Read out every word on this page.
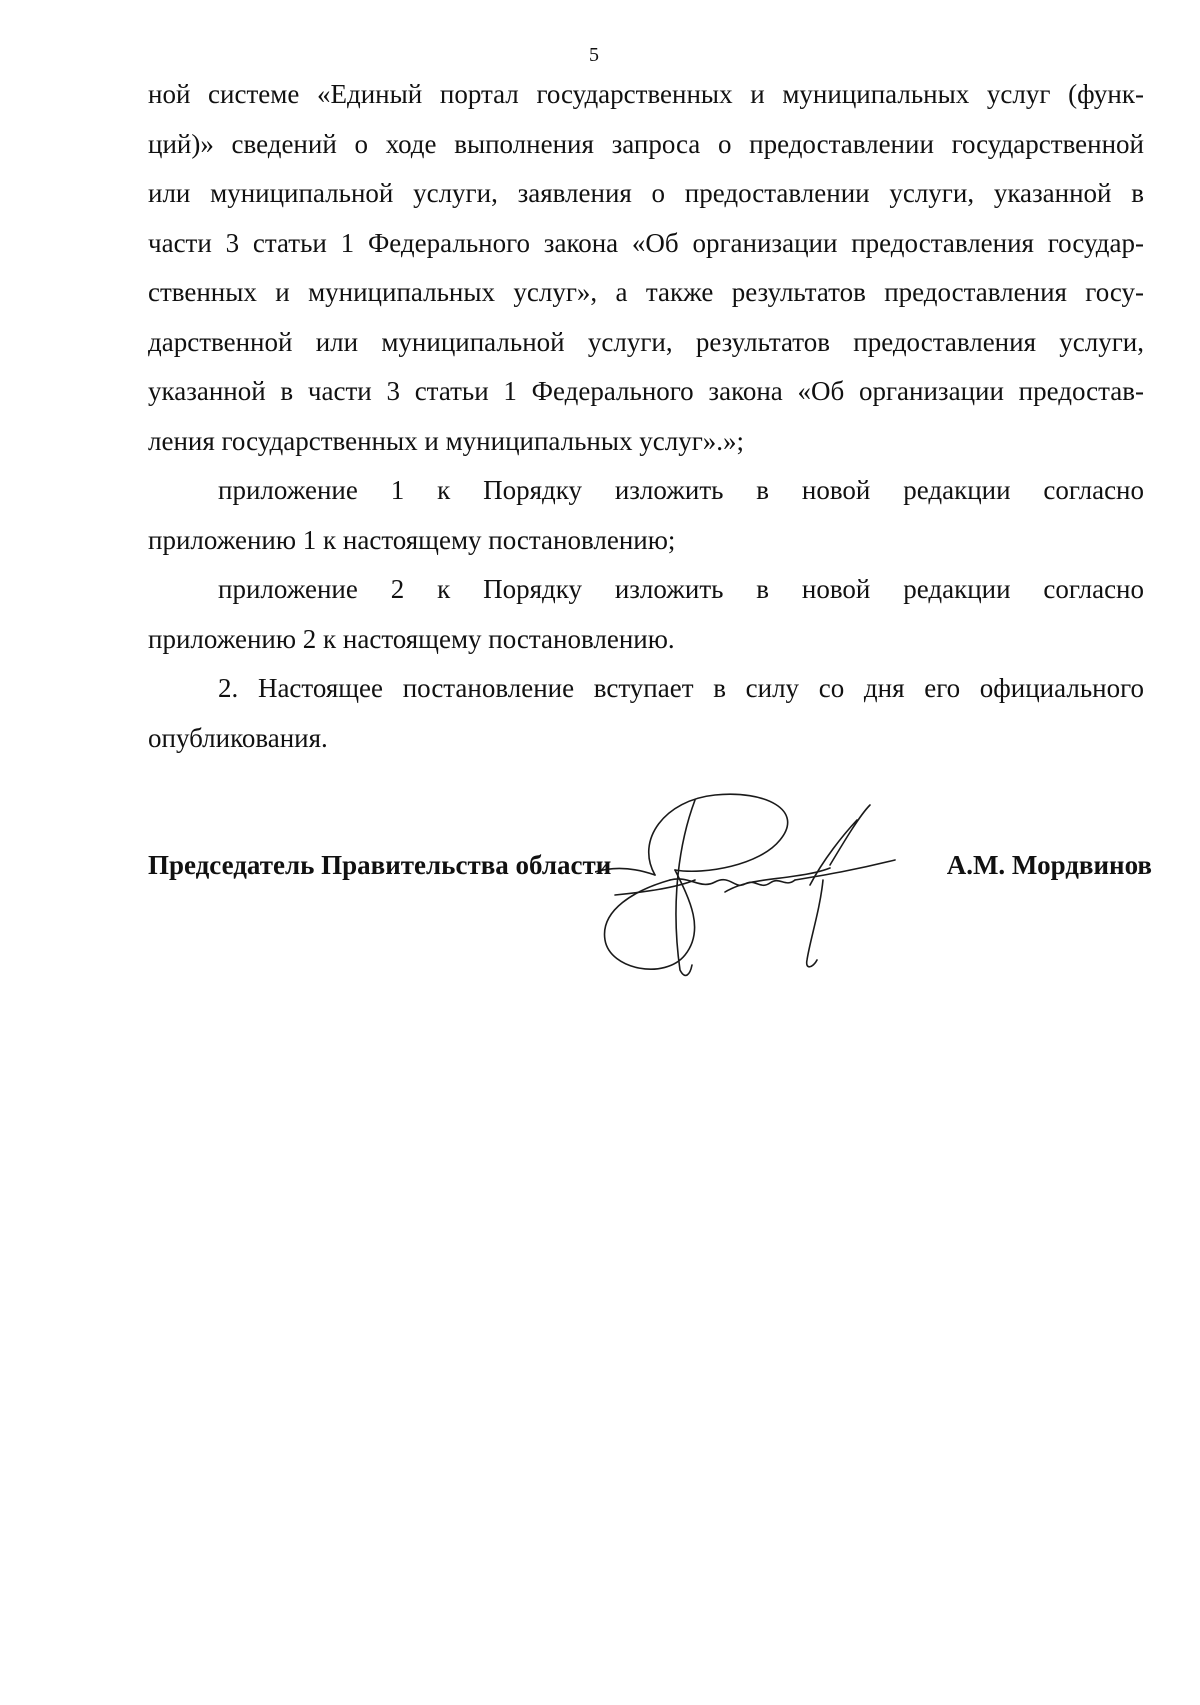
5
ной системе «Единый портал государственных и муниципальных услуг (функ-
ций)» сведений о ходе выполнения запроса о предоставлении государственной
или муниципальной услуги, заявления о предоставлении услуги, указанной в
части 3 статьи 1 Федерального закона «Об организации предоставления государ-
ственных и муниципальных услуг», а также результатов предоставления госу-
дарственной или муниципальной услуги, результатов предоставления услуги,
указанной в части 3 статьи 1 Федерального закона «Об организации предостав-
ления государственных и муниципальных услуг».»;
приложение 1 к Порядку изложить в новой редакции согласно
приложению 1 к настоящему постановлению;
приложение 2 к Порядку изложить в новой редакции согласно
приложению 2 к настоящему постановлению.
2. Настоящее постановление вступает в силу со дня его официального
опубликования.
Председатель Правительства области	А.М. Мордвинов
